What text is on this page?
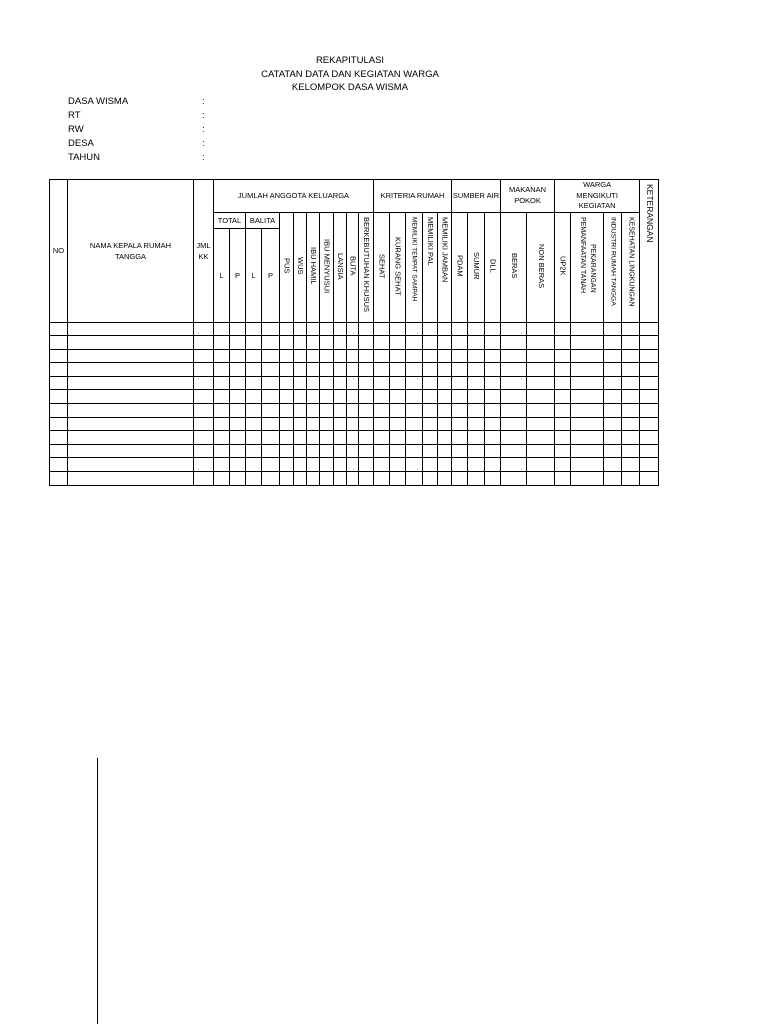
REKAPITULASI
CATATAN DATA DAN KEGIATAN WARGA
KELOMPOK DASA WISMA
DASA WISMA	:
RT	:
RW	:
DESA	:
TAHUN	:
NO	NAMA KEPALA RUMAH TANGGA	JML KK	JUMLAH ANGGOTA KELUARGA											KRITERIA RUMAH					SUMBER AIR			MAKANAN POKOK		WARGA MENGIKUTI KEGIATAN				KETERANGAN
			TOTAL		BALITA		PUS	WUS	IBU HAMIL	IBU MENYUSUI	LANSIA	BUTA	BERKEBUTUHAN KHUSUS	SEHAT	KURANG SEHAT	MEMILIKI TEMPAT SAMPAH	MEMILIKI PAL	MEMILIKI JAMBAN	PDAM	SUMUR	DLL	BERAS	NON BERAS	UP2K	PEMANFAATAN TANAH PEKARANGAN	INDUSTRI RUMAH TANGGA	KESEHATAN LINGKUNGAN	
			L	P	L	P																						
